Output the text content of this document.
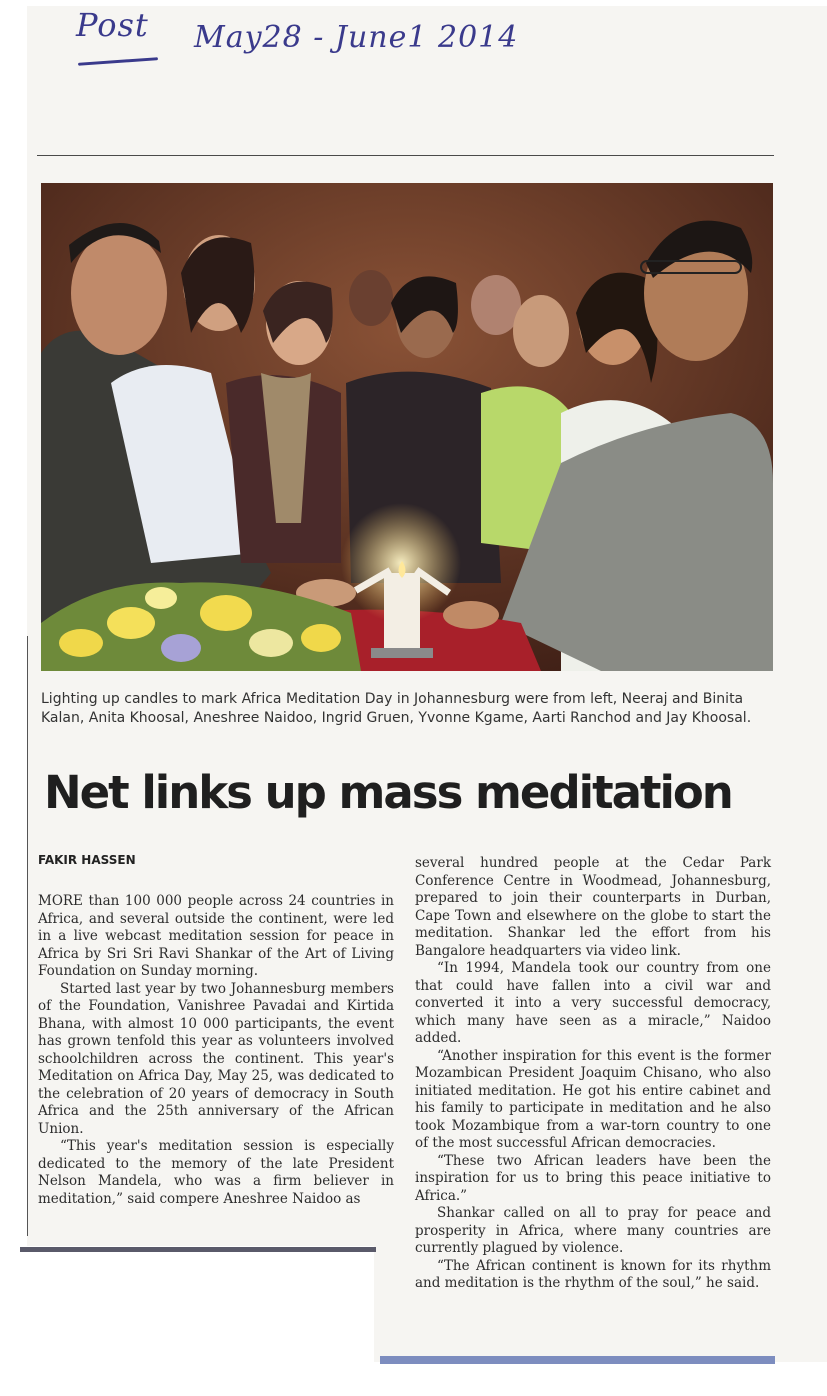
Post May28 - June1 2014
Lighting up candles to mark Africa Meditation Day in Johannesburg were from left, Neeraj and Binita Kalan, Anita Khoosal, Aneshree Naidoo, Ingrid Gruen, Yvonne Kgame, Aarti Ranchod and Jay Khoosal.
Net links up mass meditation
FAKIR HASSEN

MORE than 100 000 people across 24 countries in Africa, and several outside the continent, were led in a live webcast meditation session for peace in Africa by Sri Sri Ravi Shankar of the Art of Living Foundation on Sunday morning.

Started last year by two Johannesburg members of the Foundation, Vanishree Pavadai and Kirtida Bhana, with almost 10 000 participants, the event has grown tenfold this year as volunteers involved schoolchildren across the continent. This year's Meditation on Africa Day, May 25, was dedicated to the celebration of 20 years of democracy in South Africa and the 25th anniversary of the African Union.

“This year's meditation session is especially dedicated to the memory of the late President Nelson Mandela, who was a firm believer in meditation,” said compere Aneshree Naidoo as

several hundred people at the Cedar Park Conference Centre in Woodmead, Johannesburg, prepared to join their counterparts in Durban, Cape Town and elsewhere on the globe to start the meditation. Shankar led the effort from his Bangalore headquarters via video link.

“In 1994, Mandela took our country from one that could have fallen into a civil war and converted it into a very successful democracy, which many have seen as a miracle,” Naidoo added.

“Another inspiration for this event is the former Mozambican President Joaquim Chisano, who also initiated meditation. He got his entire cabinet and his family to participate in meditation and he also took Mozambique from a war-torn country to one of the most successful African democracies.

“These two African leaders have been the inspiration for us to bring this peace initiative to Africa.”

Shankar called on all to pray for peace and prosperity in Africa, where many countries are currently plagued by violence.

“The African continent is known for its rhythm and meditation is the rhythm of the soul,” he said.
